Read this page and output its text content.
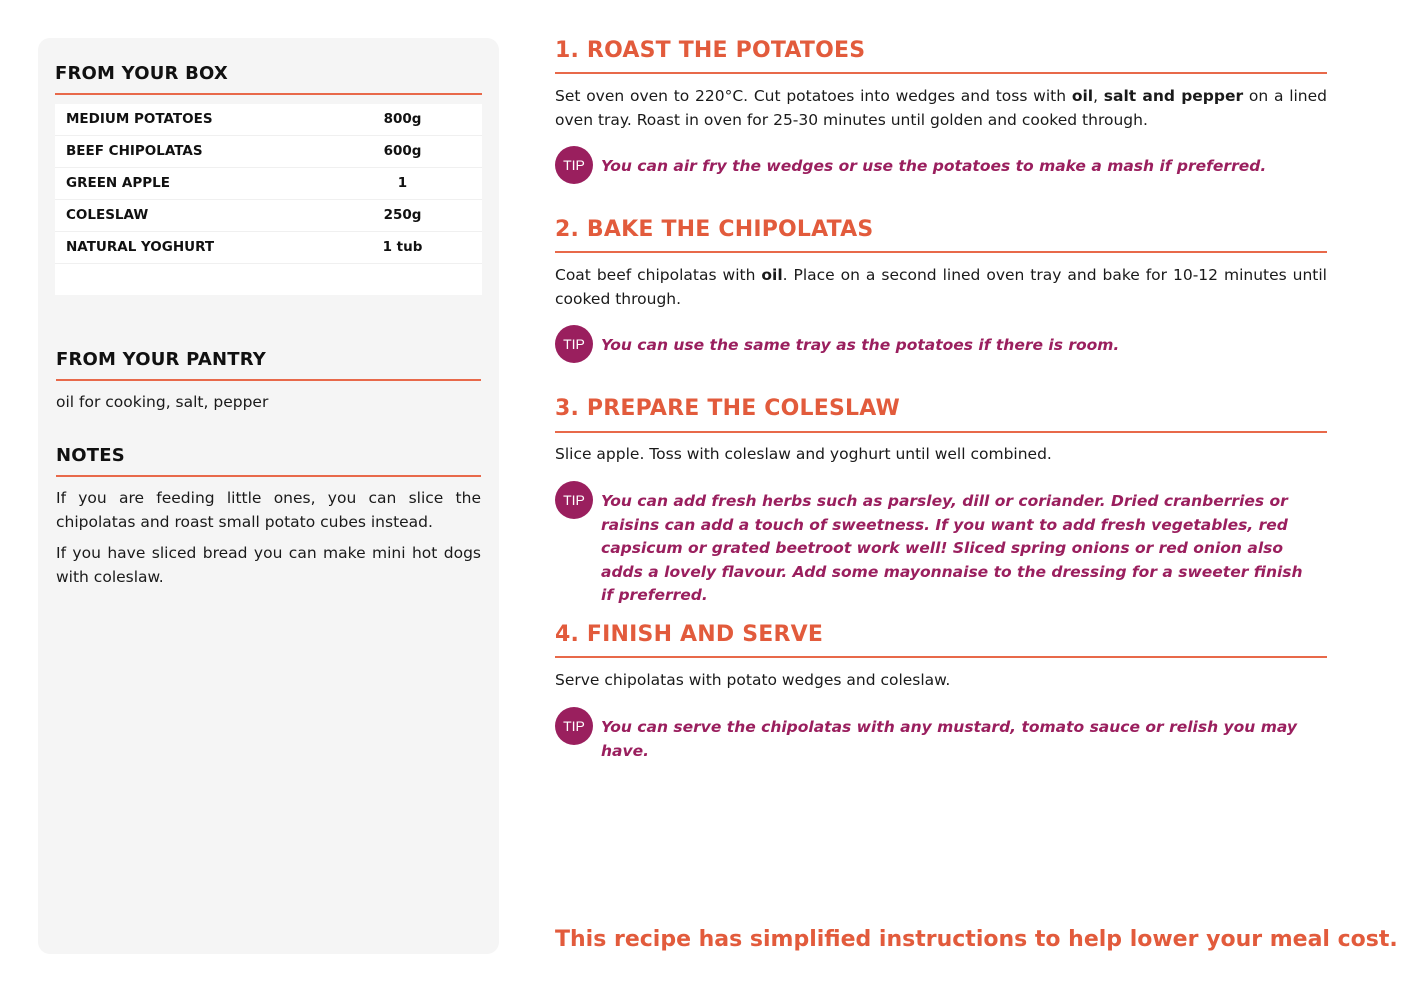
FROM YOUR BOX
MEDIUM POTATOES	800g
BEEF CHIPOLATAS	600g
GREEN APPLE	1
COLESLAW	250g
NATURAL YOGHURT	1 tub
FROM YOUR PANTRY
oil for cooking, salt, pepper
NOTES
If you are feeding little ones, you can slice the chipolatas and roast small potato cubes instead.
If you have sliced bread you can make mini hot dogs with coleslaw.
1. ROAST THE POTATOES
Set oven oven to 220°C. Cut potatoes into wedges and toss with oil, salt and pepper on a lined oven tray. Roast in oven for 25-30 minutes until golden and cooked through.
TIP	You can air fry the wedges or use the potatoes to make a mash if preferred.
2. BAKE THE CHIPOLATAS
Coat beef chipolatas with oil. Place on a second lined oven tray and bake for 10-12 minutes until cooked through.
TIP	You can use the same tray as the potatoes if there is room.
3. PREPARE THE COLESLAW
Slice apple. Toss with coleslaw and yoghurt until well combined.
TIP	You can add fresh herbs such as parsley, dill or coriander. Dried cranberries or raisins can add a touch of sweetness. If you want to add fresh vegetables, red capsicum or grated beetroot work well! Sliced spring onions or red onion also adds a lovely flavour. Add some mayonnaise to the dressing for a sweeter finish if preferred.
4. FINISH AND SERVE
Serve chipolatas with potato wedges and coleslaw.
TIP	You can serve the chipolatas with any mustard, tomato sauce or relish you may have.
This recipe has simplified instructions to help lower your meal cost.
